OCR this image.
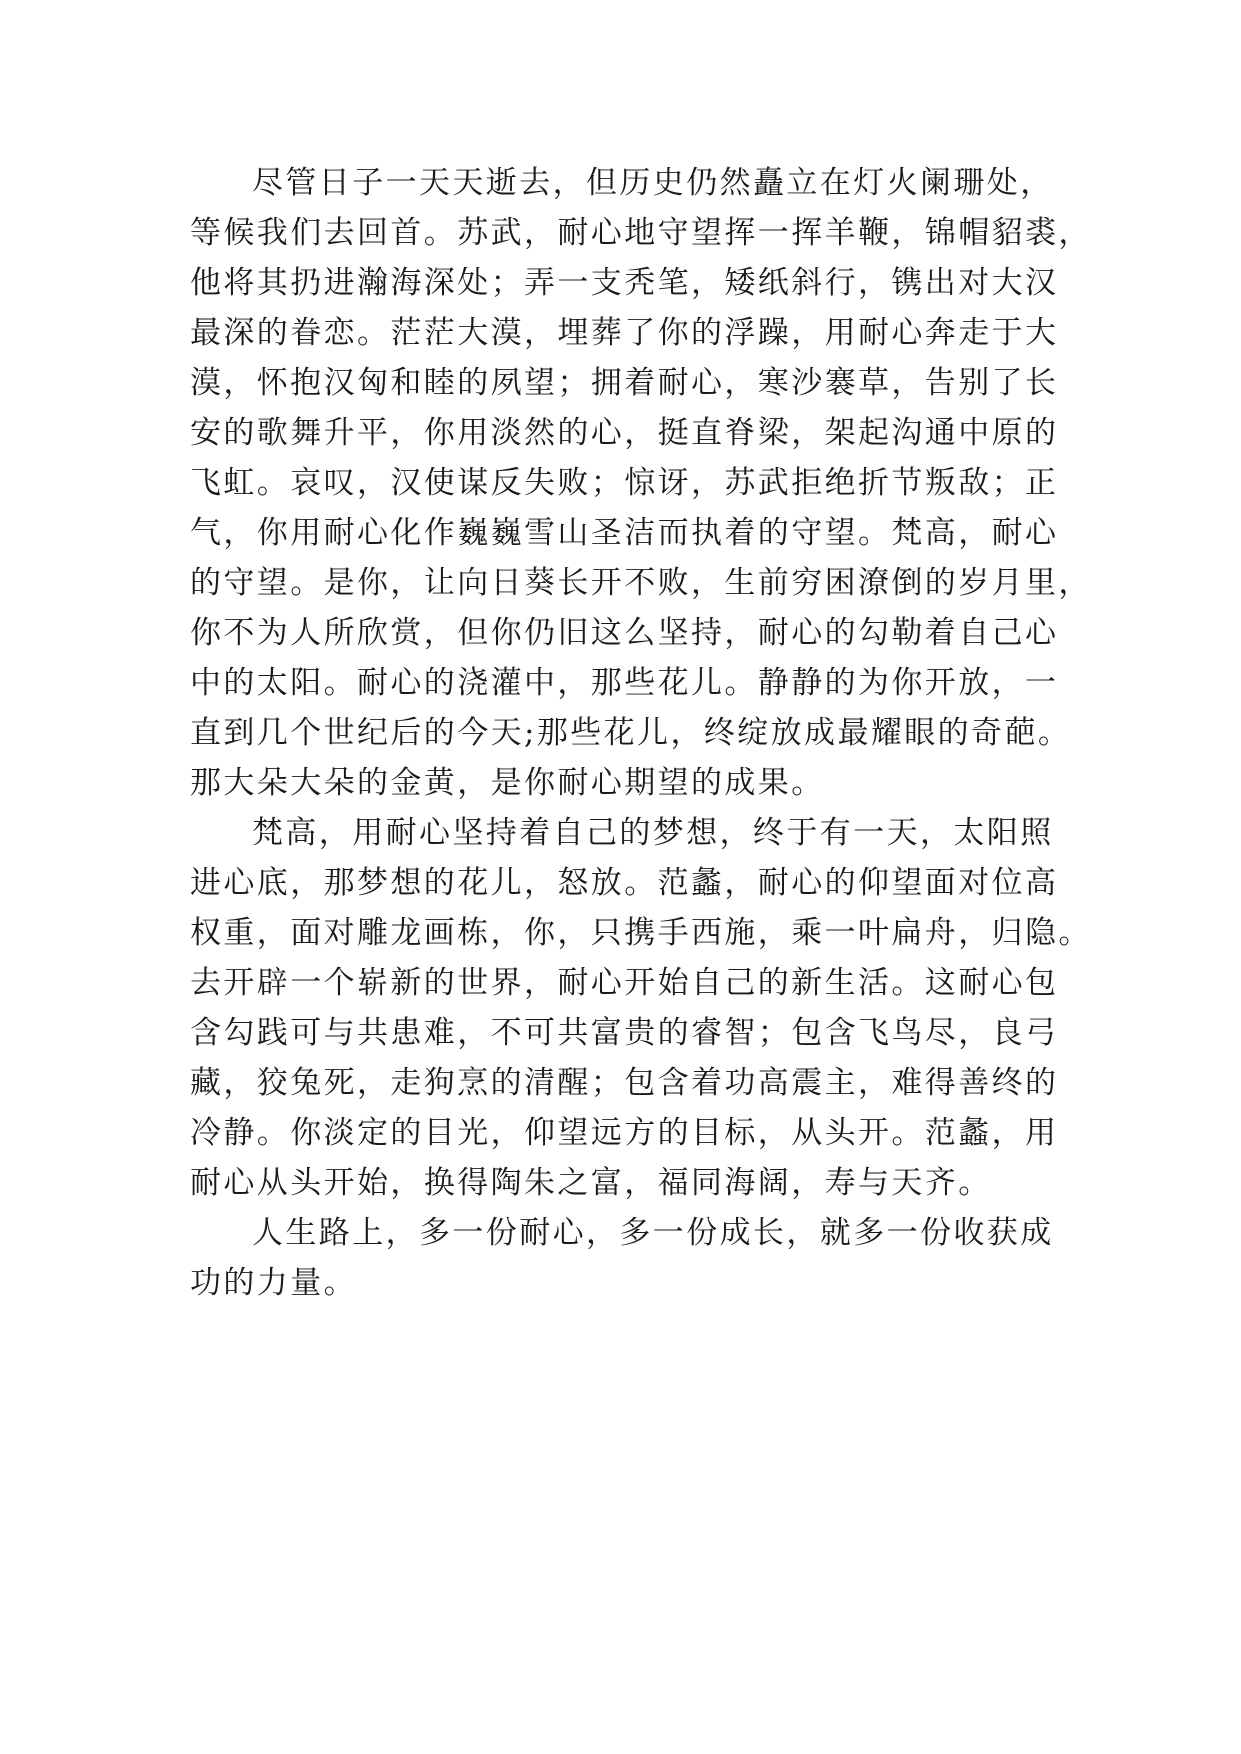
尽管日子一天天逝去，但历史仍然矗立在灯火阑珊处，
等候我们去回首。苏武，耐心地守望挥一挥羊鞭，锦帽貂裘，
他将其扔进瀚海深处；弄一支秃笔，矮纸斜行，镌出对大汉
最深的眷恋。茫茫大漠，埋葬了你的浮躁，用耐心奔走于大
漠，怀抱汉匈和睦的夙望；拥着耐心，寒沙褰草，告别了长
安的歌舞升平，你用淡然的心，挺直脊梁，架起沟通中原的
飞虹。哀叹，汉使谋反失败；惊讶，苏武拒绝折节叛敌；正
气，你用耐心化作巍巍雪山圣洁而执着的守望。梵高，耐心
的守望。是你，让向日葵长开不败，生前穷困潦倒的岁月里，
你不为人所欣赏，但你仍旧这么坚持，耐心的勾勒着自己心
中的太阳。耐心的浇灌中，那些花儿。静静的为你开放，一
直到几个世纪后的今天;那些花儿，终绽放成最耀眼的奇葩。
那大朵大朵的金黄，是你耐心期望的成果。
梵高，用耐心坚持着自己的梦想，终于有一天，太阳照
进心底，那梦想的花儿，怒放。范蠡，耐心的仰望面对位高
权重，面对雕龙画栋，你，只携手西施，乘一叶扁舟，归隐。
去开辟一个崭新的世界，耐心开始自己的新生活。这耐心包
含勾践可与共患难，不可共富贵的睿智；包含飞鸟尽，良弓
藏，狡兔死，走狗烹的清醒；包含着功高震主，难得善终的
冷静。你淡定的目光，仰望远方的目标，从头开。范蠡，用
耐心从头开始，换得陶朱之富，福同海阔，寿与天齐。
人生路上，多一份耐心，多一份成长，就多一份收获成
功的力量。
